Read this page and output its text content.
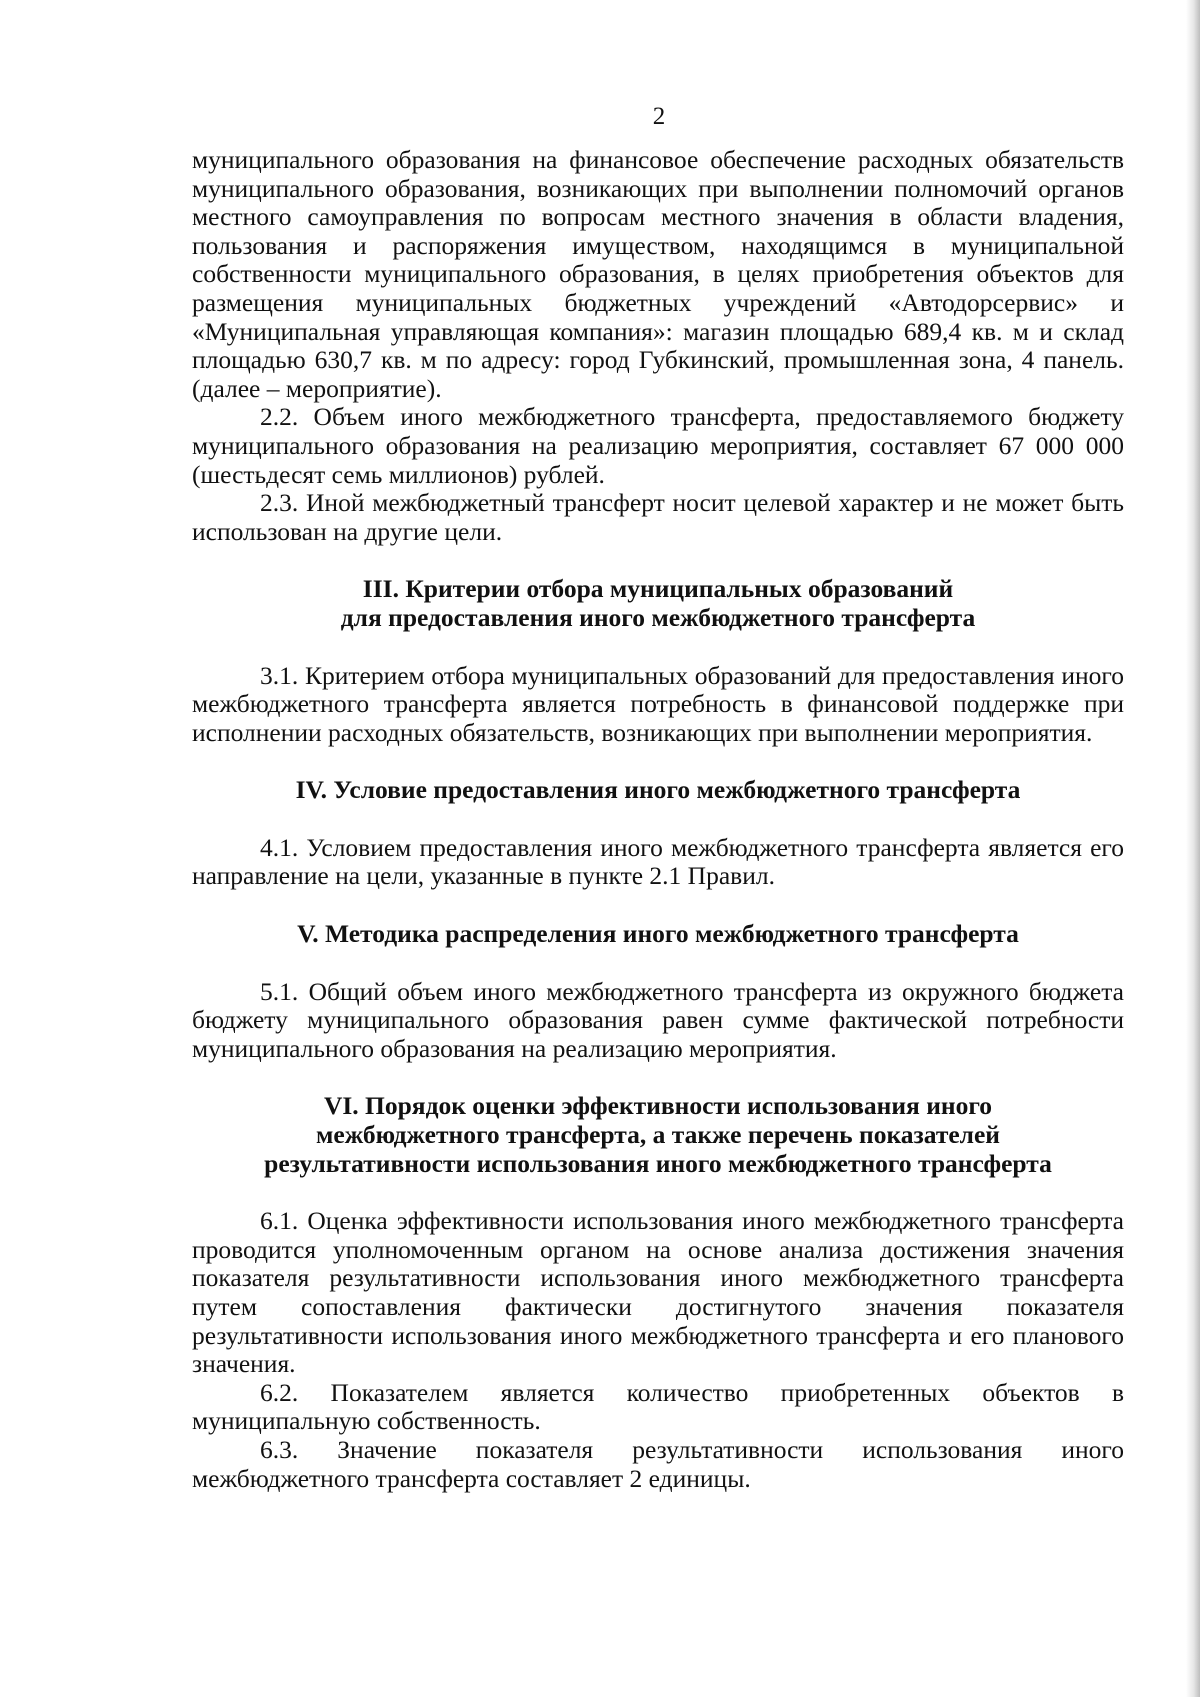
2

муниципального образования на финансовое обеспечение расходных обязательств муниципального образования, возникающих при выполнении полномочий органов местного самоуправления по вопросам местного значения в области владения, пользования и распоряжения имуществом, находящимся в муниципальной собственности муниципального образования, в целях приобретения объектов для размещения муниципальных бюджетных учреждений «Автодорсервис» и «Муниципальная управляющая компания»: магазин площадью 689,4 кв. м и склад площадью 630,7 кв. м по адресу: город Губкинский, промышленная зона, 4 панель. (далее – мероприятие).

2.2. Объем иного межбюджетного трансферта, предоставляемого бюджету муниципального образования на реализацию мероприятия, составляет 67 000 000 (шестьдесят семь миллионов) рублей.

2.3. Иной межбюджетный трансферт носит целевой характер и не может быть использован на другие цели.

III. Критерии отбора муниципальных образований
для предоставления иного межбюджетного трансферта

3.1. Критерием отбора муниципальных образований для предоставления иного межбюджетного трансферта является потребность в финансовой поддержке при исполнении расходных обязательств, возникающих при выполнении мероприятия.

IV. Условие предоставления иного межбюджетного трансферта

4.1. Условием предоставления иного межбюджетного трансферта является его направление на цели, указанные в пункте 2.1 Правил.

V. Методика распределения иного межбюджетного трансферта

5.1. Общий объем иного межбюджетного трансферта из окружного бюджета бюджету муниципального образования равен сумме фактической потребности муниципального образования на реализацию мероприятия.

VI. Порядок оценки эффективности использования иного
межбюджетного трансферта, а также перечень показателей
результативности использования иного межбюджетного трансферта

6.1. Оценка эффективности использования иного межбюджетного трансферта проводится уполномоченным органом на основе анализа достижения значения показателя результативности использования иного межбюджетного трансферта путем сопоставления фактически достигнутого значения показателя результативности использования иного межбюджетного трансферта и его планового значения.

6.2. Показателем является количество приобретенных объектов в муниципальную собственность.

6.3. Значение показателя результативности использования иного межбюджетного трансферта составляет 2 единицы.
